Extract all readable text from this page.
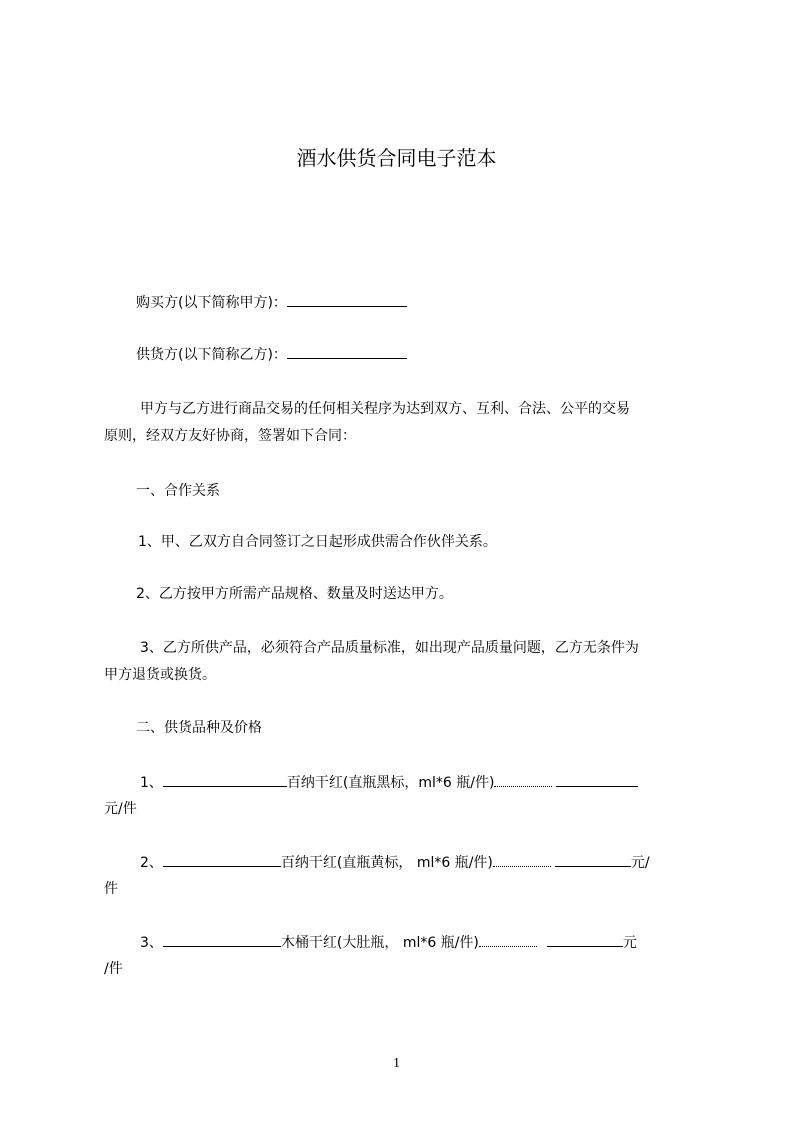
酒水供货合同电子范本
购买方(以下简称甲方)：
供货方(以下简称乙方)：
甲方与乙方进行商品交易的任何相关程序为达到双方、互利、合法、公平的交易
原则，经双方友好协商，签署如下合同：
一、合作关系
1、甲、乙双方自合同签订之日起形成供需合作伙伴关系。
2、乙方按甲方所需产品规格、数量及时送达甲方。
3、乙方所供产品，必须符合产品质量标准，如出现产品质量问题，乙方无条件为
甲方退货或换货。
二、供货品种及价格
1、	百纳干红(直瓶黑标，ml*6 瓶/件)
元/件
2、	百纳干红(直瓶黄标， ml*6 瓶/件)	元/
件
3、	木桶干红(大肚瓶， ml*6 瓶/件)	元
/件
1
